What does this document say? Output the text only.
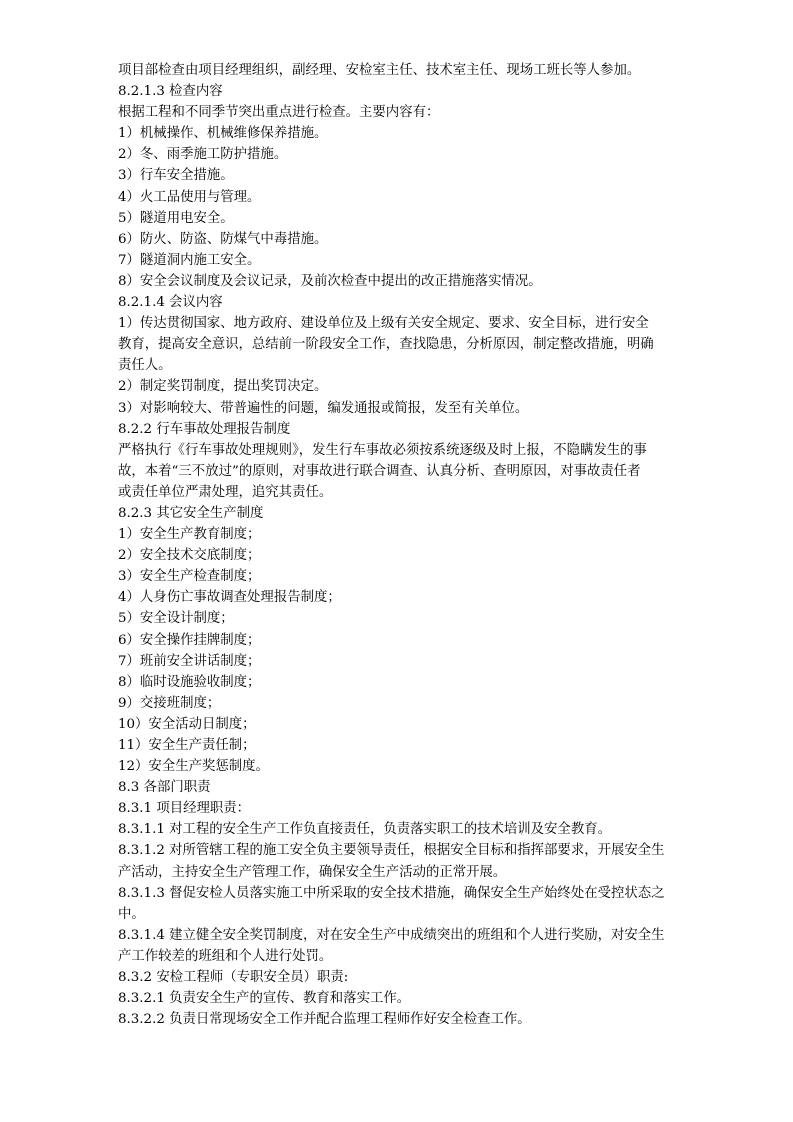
项目部检查由项目经理组织，副经理、安检室主任、技术室主任、现场工班长等人参加。
8.2.1.3 检查内容
根据工程和不同季节突出重点进行检查。主要内容有：
1）机械操作、机械维修保养措施。
2）冬、雨季施工防护措施。
3）行车安全措施。
4）火工品使用与管理。
5）隧道用电安全。
6）防火、防盗、防煤气中毒措施。
7）隧道洞内施工安全。
8）安全会议制度及会议记录，及前次检查中提出的改正措施落实情况。
8.2.1.4 会议内容
1）传达贯彻国家、地方政府、建设单位及上级有关安全规定、要求、安全目标，进行安全
教育，提高安全意识，总结前一阶段安全工作，查找隐患，分析原因，制定整改措施，明确
责任人。
2）制定奖罚制度，提出奖罚决定。
3）对影响较大、带普遍性的问题，编发通报或简报，发至有关单位。
8.2.2 行车事故处理报告制度
严格执行《行车事故处理规则》，发生行车事故必须按系统逐级及时上报，不隐瞒发生的事
故，本着“三不放过”的原则，对事故进行联合调查、认真分析、查明原因，对事故责任者
或责任单位严肃处理，追究其责任。
8.2.3 其它安全生产制度
1）安全生产教育制度；
2）安全技术交底制度；
3）安全生产检查制度；
4）人身伤亡事故调查处理报告制度；
5）安全设计制度；
6）安全操作挂牌制度；
7）班前安全讲话制度；
8）临时设施验收制度；
9）交接班制度；
10）安全活动日制度；
11）安全生产责任制；
12）安全生产奖惩制度。
8.3 各部门职责
8.3.1 项目经理职责：
8.3.1.1 对工程的安全生产工作负直接责任，负责落实职工的技术培训及安全教育。
8.3.1.2 对所管辖工程的施工安全负主要领导责任，根据安全目标和指挥部要求，开展安全生
产活动，主持安全生产管理工作，确保安全生产活动的正常开展。
8.3.1.3 督促安检人员落实施工中所采取的安全技术措施，确保安全生产始终处在受控状态之
中。
8.3.1.4 建立健全安全奖罚制度，对在安全生产中成绩突出的班组和个人进行奖励，对安全生
产工作较差的班组和个人进行处罚。
8.3.2 安检工程师（专职安全员）职责:
8.3.2.1 负责安全生产的宣传、教育和落实工作。
8.3.2.2 负责日常现场安全工作并配合监理工程师作好安全检查工作。
